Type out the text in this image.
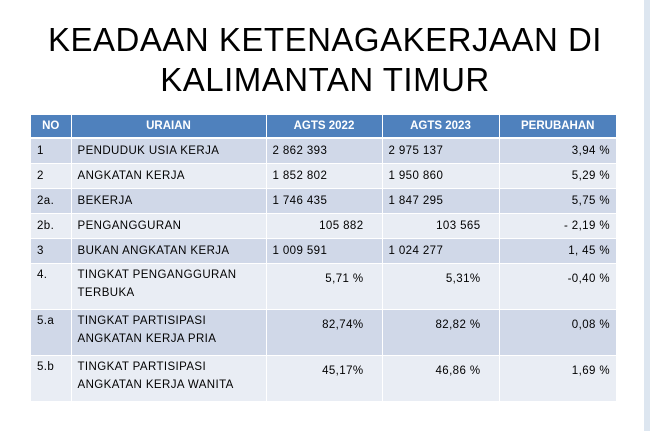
KEADAAN KETENAGAKERJAAN DI
KALIMANTAN TIMUR
NO	URAIAN	AGTS 2022	AGTS 2023	PERUBAHAN
1	PENDUDUK USIA KERJA	2 862 393	2 975 137	3,94 %
2	ANGKATAN KERJA	1 852 802	1 950 860	5,29 %
2a.	BEKERJA	1 746 435	1 847 295	5,75 %
2b.	PENGANGGURAN	105 882	103 565	- 2,19 %
3	BUKAN ANGKATAN KERJA	1 009 591	1 024 277	1, 45 %
4.	TINGKAT PENGANGGURAN TERBUKA	5,71 %	5,31%	-0,40 %
5.a	TINGKAT PARTISIPASI ANGKATAN KERJA PRIA	82,74%	82,82 %	0,08 %
5.b	TINGKAT PARTISIPASI ANGKATAN KERJA WANITA	45,17%	46,86 %	1,69 %
